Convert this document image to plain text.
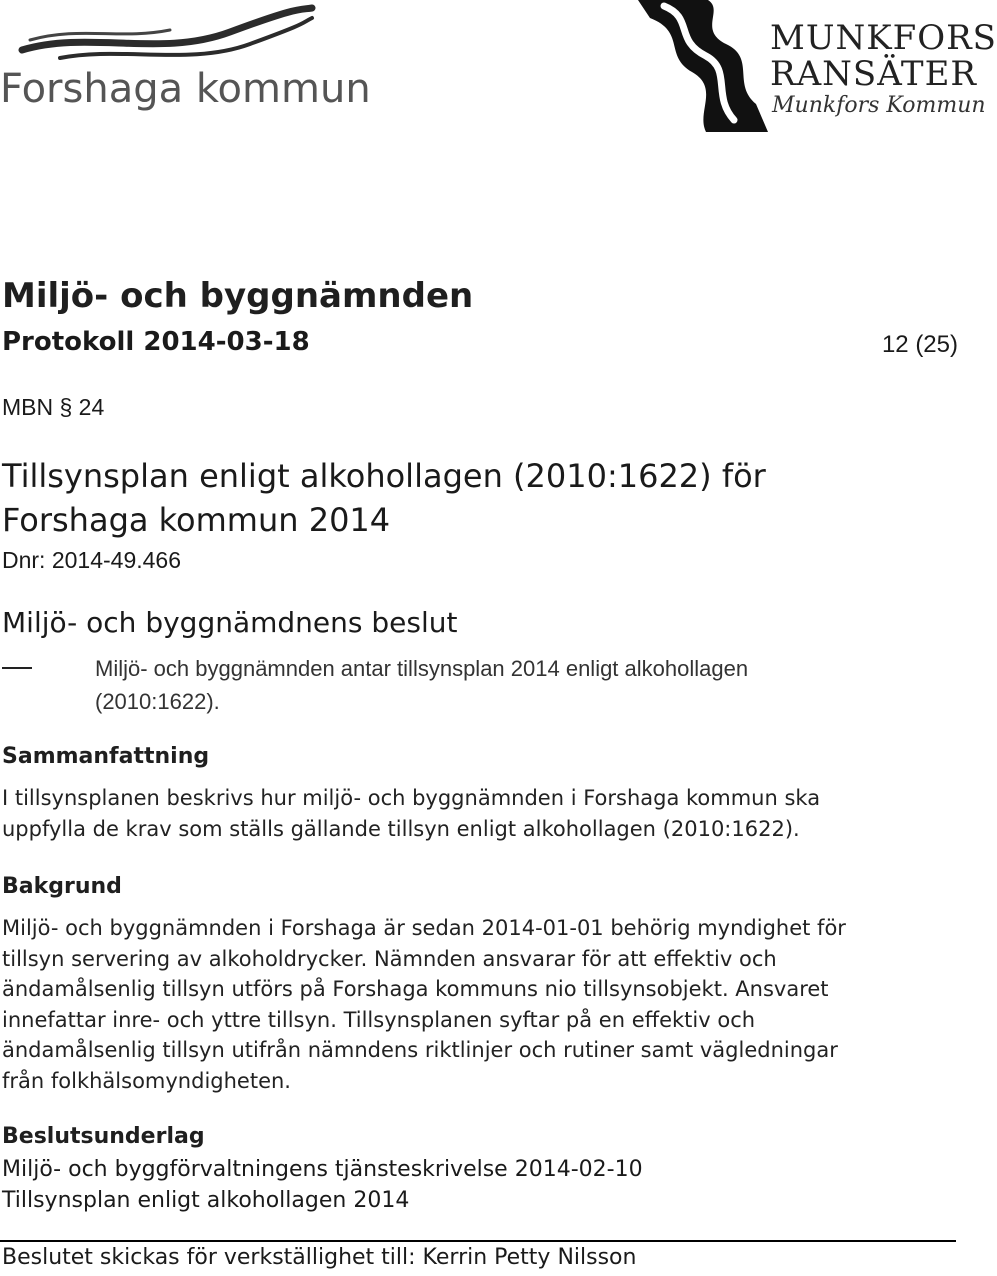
Forshaga kommun
MUNKFORS
RANSÄTER
Munkfors Kommun
Miljö- och byggnämnden
Protokoll 2014-03-18	12 (25)
MBN § 24
Tillsynsplan enligt alkohollagen (2010:1622) för
Forshaga kommun 2014
Dnr: 2014-49.466
Miljö- och byggnämdnens beslut
Miljö- och byggnämnden antar tillsynsplan 2014 enligt alkohollagen
(2010:1622).
Sammanfattning
I tillsynsplanen beskrivs hur miljö- och byggnämnden i Forshaga kommun ska
uppfylla de krav som ställs gällande tillsyn enligt alkohollagen (2010:1622).
Bakgrund
Miljö- och byggnämnden i Forshaga är sedan 2014-01-01 behörig myndighet för
tillsyn servering av alkoholdrycker. Nämnden ansvarar för att effektiv och
ändamålsenlig tillsyn utförs på Forshaga kommuns nio tillsynsobjekt. Ansvaret
innefattar inre- och yttre tillsyn. Tillsynsplanen syftar på en effektiv och
ändamålsenlig tillsyn utifrån nämndens riktlinjer och rutiner samt vägledningar
från folkhälsomyndigheten.
Beslutsunderlag
Miljö- och byggförvaltningens tjänsteskrivelse 2014-02-10
Tillsynsplan enligt alkohollagen 2014
Beslutet skickas för verkställighet till: Kerrin Petty Nilsson
